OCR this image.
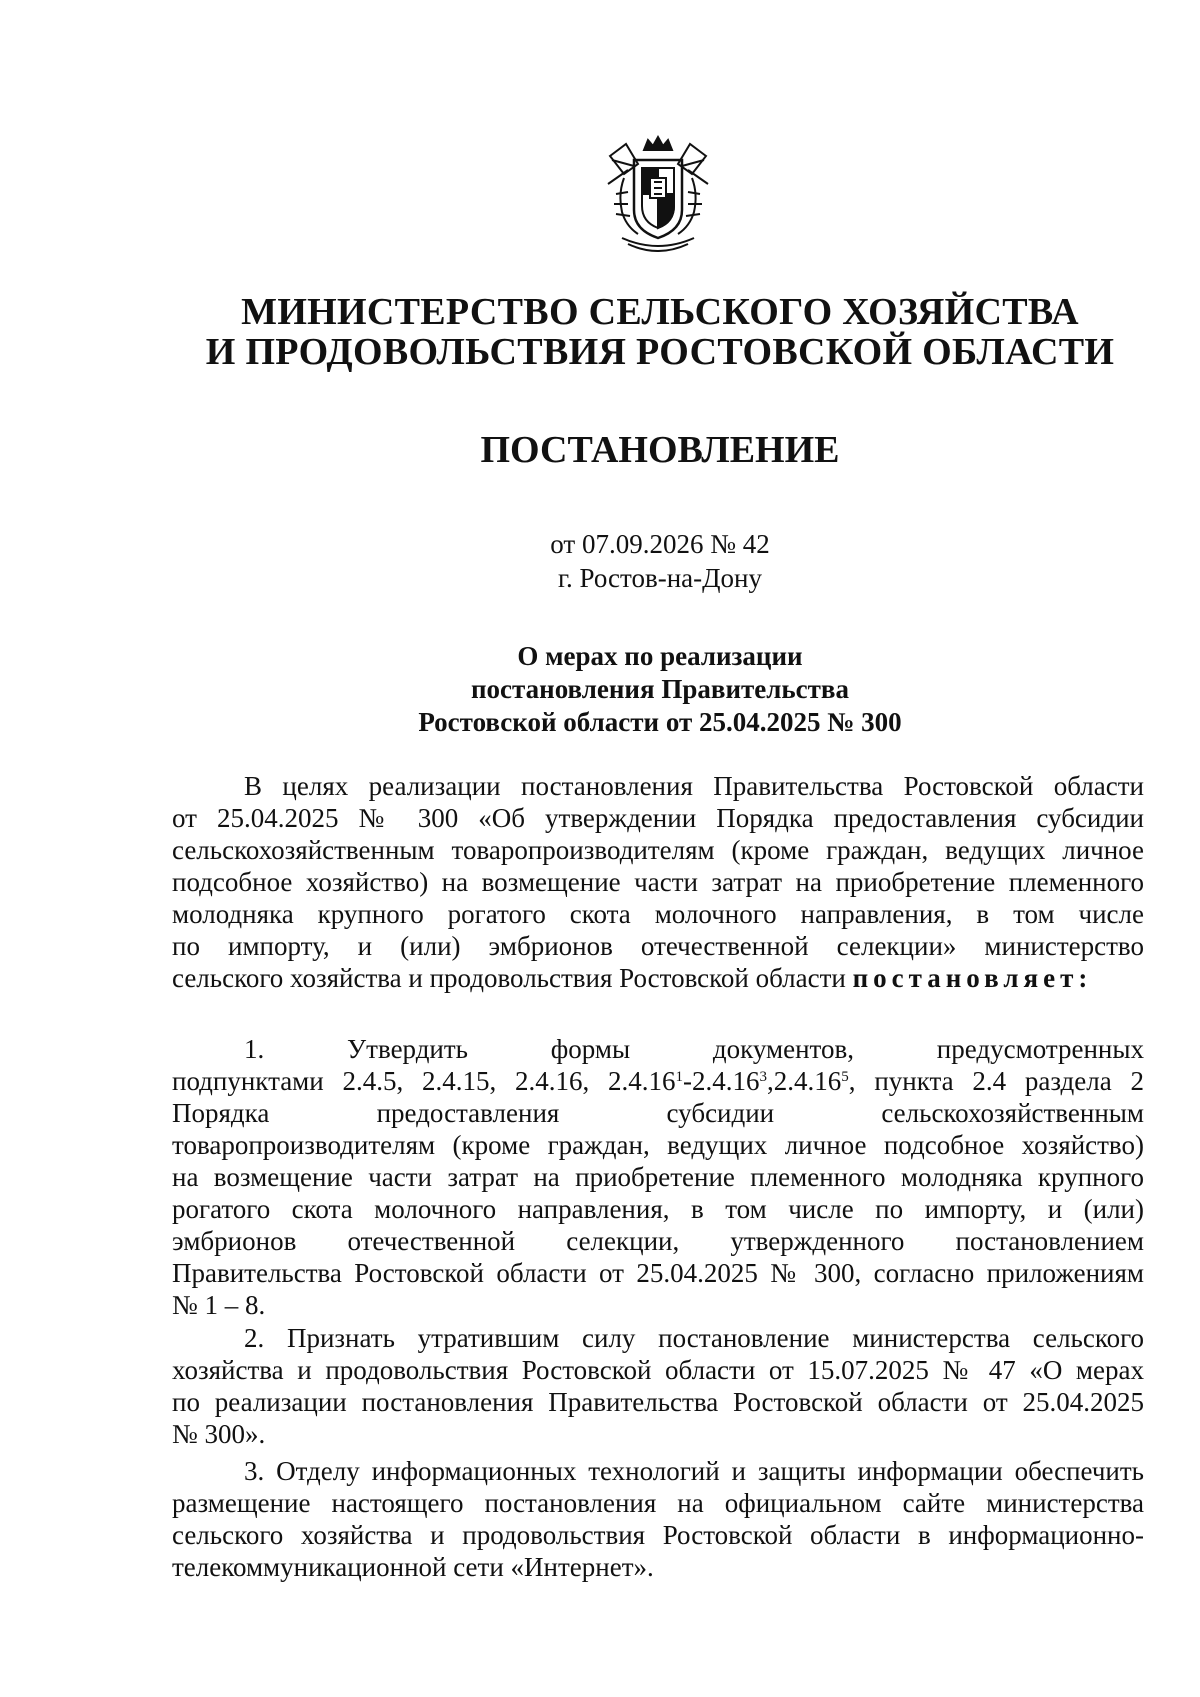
МИНИСТЕРСТВО СЕЛЬСКОГО ХОЗЯЙСТВА
И ПРОДОВОЛЬСТВИЯ РОСТОВСКОЙ ОБЛАСТИ
ПОСТАНОВЛЕНИЕ
от 07.09.2026 № 42
г. Ростов-на-Дону
О мерах по реализации
постановления Правительства
Ростовской области от 25.04.2025 № 300
В целях реализации постановления Правительства Ростовской области
от 25.04.2025 № 300 «Об утверждении Порядка предоставления субсидии
сельскохозяйственным товаропроизводителям (кроме граждан, ведущих личное
подсобное хозяйство) на возмещение части затрат на приобретение племенного
молодняка крупного рогатого скота молочного направления, в том числе
по импорту, и (или) эмбрионов отечественной селекции» министерство
сельского хозяйства и продовольствия Ростовской области постановляет:
1. Утвердить формы документов, предусмотренных
подпунктами 2.4.5, 2.4.15, 2.4.16, 2.4.16$^1$-2.4.16$^3$,2.4.16$^5$, пункта 2.4 раздела 2
Порядка предоставления субсидии сельскохозяйственным
товаропроизводителям (кроме граждан, ведущих личное подсобное хозяйство)
на возмещение части затрат на приобретение племенного молодняка крупного
рогатого скота молочного направления, в том числе по импорту, и (или)
эмбрионов отечественной селекции, утвержденного постановлением
Правительства Ростовской области от 25.04.2025 № 300, согласно приложениям
№ 1 – 8.
2. Признать утратившим силу постановление министерства сельского
хозяйства и продовольствия Ростовской области от 15.07.2025 № 47 «О мерах
по реализации постановления Правительства Ростовской области от 25.04.2025
№ 300».
3. Отделу информационных технологий и защиты информации обеспечить
размещение настоящего постановления на официальном сайте министерства
сельского хозяйства и продовольствия Ростовской области в информационно-
телекоммуникационной сети «Интернет».
